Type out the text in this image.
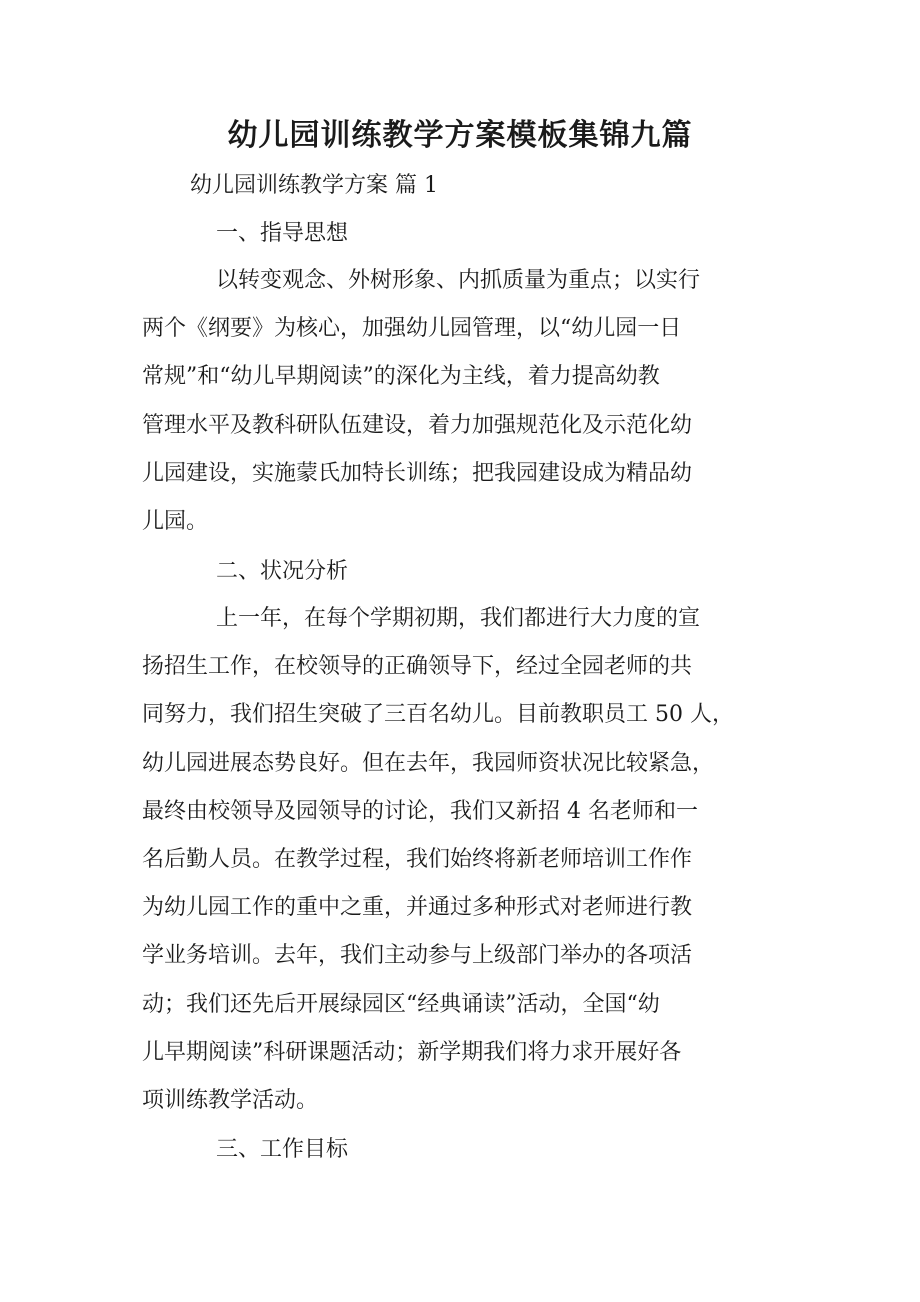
幼儿园训练教学方案模板集锦九篇

幼儿园训练教学方案 篇 1

一、指导思想

以转变观念、外树形象、内抓质量为重点；以实行
两个《纲要》为核心，加强幼儿园管理，以“幼儿园一日
常规”和“幼儿早期阅读”的深化为主线，着力提高幼教
管理水平及教科研队伍建设，着力加强规范化及示范化幼
儿园建设，实施蒙氏加特长训练；把我园建设成为精品幼
儿园。

二、状况分析

上一年，在每个学期初期，我们都进行大力度的宣
扬招生工作，在校领导的正确领导下，经过全园老师的共
同努力，我们招生突破了三百名幼儿。目前教职员工 50 人，
幼儿园进展态势良好。但在去年，我园师资状况比较紧急，
最终由校领导及园领导的讨论，我们又新招 4 名老师和一
名后勤人员。在教学过程，我们始终将新老师培训工作作
为幼儿园工作的重中之重，并通过多种形式对老师进行教
学业务培训。去年，我们主动参与上级部门举办的各项活
动；我们还先后开展绿园区“经典诵读”活动，全国“幼
儿早期阅读”科研课题活动；新学期我们将力求开展好各
项训练教学活动。

三、工作目标
